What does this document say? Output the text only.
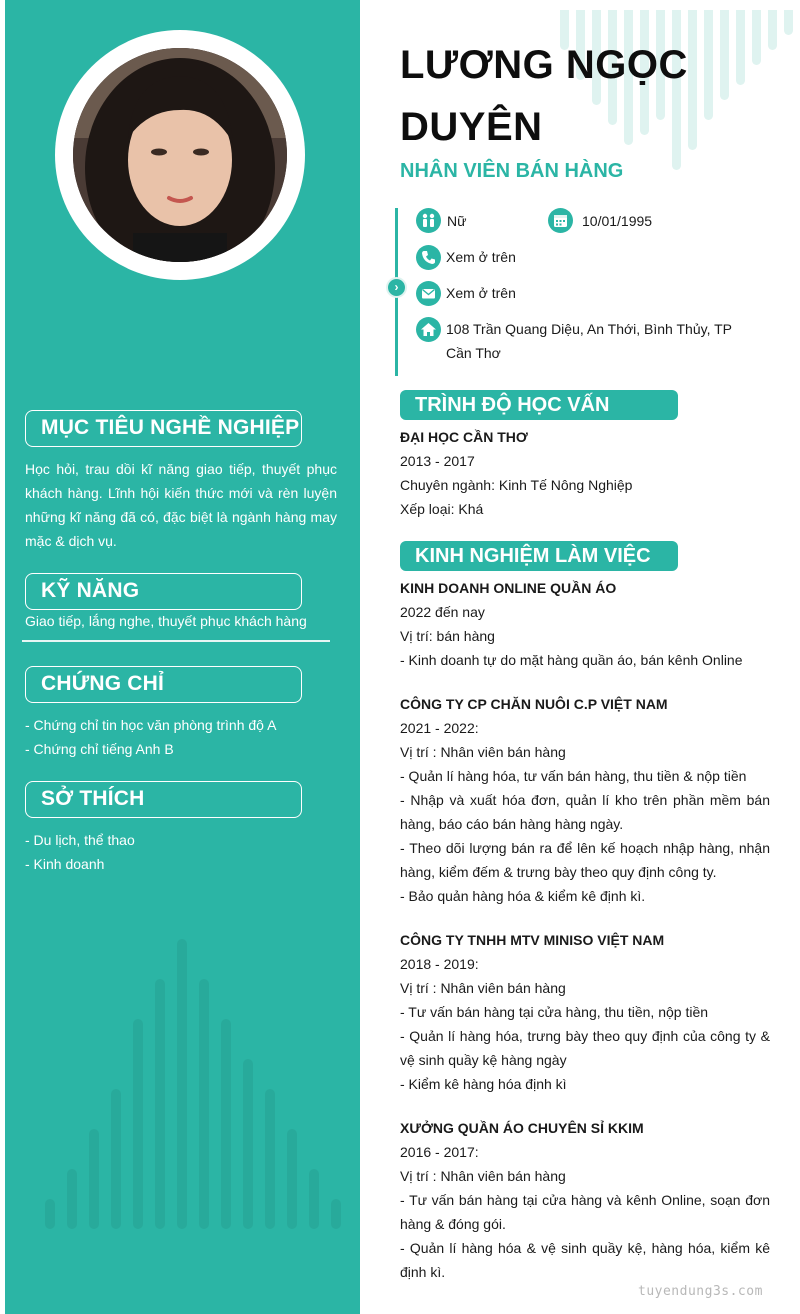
MỤC TIÊU NGHỀ NGHIỆP
Học hỏi, trau dồi kĩ năng giao tiếp, thuyết phục khách hàng. Lĩnh hội kiến thức mới và rèn luyện những kĩ năng đã có, đặc biệt là ngành hàng may mặc & dịch vụ.
KỸ NĂNG
Giao tiếp, lắng nghe, thuyết phục khách hàng
CHỨNG CHỈ
- Chứng chỉ tin học văn phòng trình độ A
- Chứng chỉ tiếng Anh B
SỞ THÍCH
- Du lịch, thể thao
- Kinh doanh
LƯƠNG NGỌC
DUYÊN
NHÂN VIÊN BÁN HÀNG
›
Nữ	10/01/1995
Xem ở trên
Xem ở trên
108 Trần Quang Diệu, An Thới, Bình Thủy, TP
Cần Thơ
TRÌNH ĐỘ HỌC VẤN
ĐẠI HỌC CẦN THƠ
2013 - 2017
Chuyên ngành: Kinh Tế Nông Nghiệp
Xếp loại: Khá
KINH NGHIỆM LÀM VIỆC
KINH DOANH ONLINE QUẦN ÁO
2022 đến nay
Vị trí: bán hàng
- Kinh doanh tự do mặt hàng quần áo, bán kênh Online
CÔNG TY CP CHĂN NUÔI C.P VIỆT NAM
2021 - 2022:
Vị trí : Nhân viên bán hàng
- Quản lí hàng hóa, tư vấn bán hàng, thu tiền & nộp tiền
- Nhập và xuất hóa đơn, quản lí kho trên phần mềm bán hàng, báo cáo bán hàng hàng ngày.
- Theo dõi lượng bán ra để lên kế hoạch nhập hàng, nhận hàng, kiểm đếm & trưng bày theo quy định công ty.
- Bảo quản hàng hóa & kiểm kê định kì.
CÔNG TY TNHH MTV MINISO VIỆT NAM
2018 - 2019:
Vị trí : Nhân viên bán hàng
- Tư vấn bán hàng tại cửa hàng, thu tiền, nộp tiền
- Quản lí hàng hóa, trưng bày theo quy định của công ty & vệ sinh quầy kệ hàng ngày
- Kiểm kê hàng hóa định kì
XƯỞNG QUẦN ÁO CHUYÊN SỈ KKIM
2016 - 2017:
Vị trí : Nhân viên bán hàng
- Tư vấn bán hàng tại cửa hàng và kênh Online, soạn đơn hàng & đóng gói.
- Quản lí hàng hóa & vệ sinh quầy kệ, hàng hóa, kiểm kê định kì.
tuyendung3s.com
